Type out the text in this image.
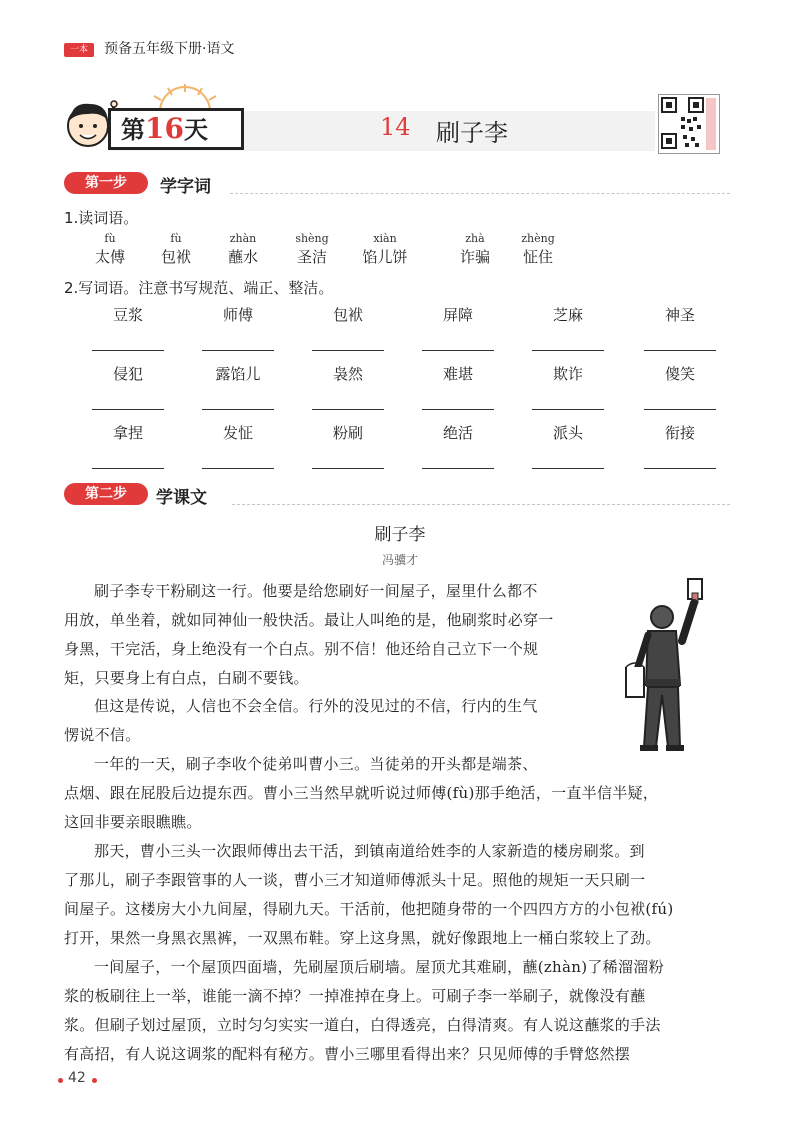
一本	预备五年级下册·语文
第16天	14 刷子李
第一步	学字词
1.读词语。
fù
太傅
fù
包袱
zhàn
蘸水
shèng
圣洁
xiàn
馅儿饼
zhà
诈骗
zhèng
怔住
2.写词语。注意书写规范、端正、整洁。
豆浆	师傅	包袱	屏障	芝麻	神圣
侵犯	露馅儿	袅然	难堪	欺诈	傻笑
拿捏	发怔	粉刷	绝活	派头	衔接
第二步	学课文
刷子李
冯骥才
刷子李专干粉刷这一行。他要是给您刷好一间屋子，屋里什么都不
用放，单坐着，就如同神仙一般快活。最让人叫绝的是，他刷浆时必穿一
身黑，干完活，身上绝没有一个白点。别不信！他还给自己立下一个规
矩，只要身上有白点，白刷不要钱。
但这是传说，人信也不会全信。行外的没见过的不信，行内的生气
愣说不信。
一年的一天，刷子李收个徒弟叫曹小三。当徒弟的开头都是端茶、
点烟、跟在屁股后边提东西。曹小三当然早就听说过师傅(fù)那手绝活，一直半信半疑，
这回非要亲眼瞧瞧。
那天，曹小三头一次跟师傅出去干活，到镇南道给姓李的人家新造的楼房刷浆。到
了那儿，刷子李跟管事的人一谈，曹小三才知道师傅派头十足。照他的规矩一天只刷一
间屋子。这楼房大小九间屋，得刷九天。干活前，他把随身带的一个四四方方的小包袱(fú)
打开，果然一身黑衣黑裤，一双黑布鞋。穿上这身黑，就好像跟地上一桶白浆较上了劲。
一间屋子，一个屋顶四面墙，先刷屋顶后刷墙。屋顶尤其难刷，蘸(zhàn)了稀溜溜粉
浆的板刷往上一举，谁能一滴不掉？一掉准掉在身上。可刷子李一举刷子，就像没有蘸
浆。但刷子划过屋顶，立时匀匀实实一道白，白得透亮，白得清爽。有人说这蘸浆的手法
有高招，有人说这调浆的配料有秘方。曹小三哪里看得出来？只见师傅的手臂悠然摆
42
